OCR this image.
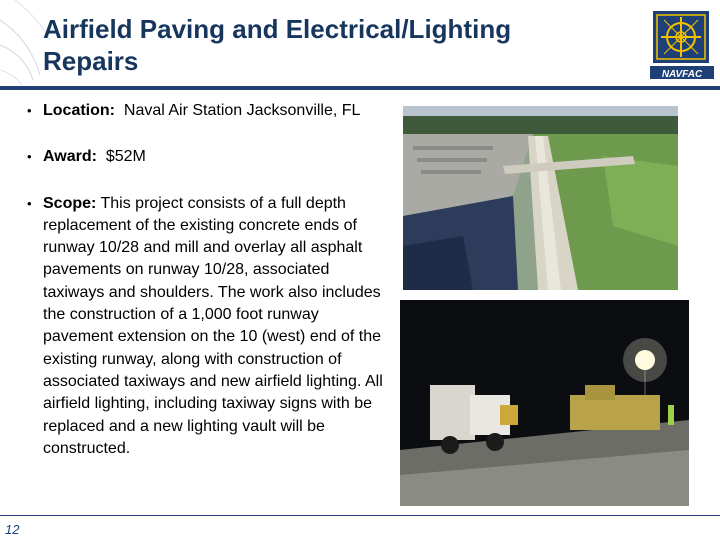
Airfield Paving and Electrical/Lighting
Repairs	NAVFAC
• Location: Naval Air Station Jacksonville, FL
• Award: $52M
• Scope: This project consists of a full depth replacement of the existing concrete ends of runway 10/28 and mill and overlay all asphalt pavements on runway 10/28, associated taxiways and shoulders. The work also includes the construction of a 1,000 foot runway pavement extension on the 10 (west) end of the existing runway, along with construction of associated taxiways and new airfield lighting. All airfield lighting, including taxiway signs with be replaced and a new lighting vault will be constructed.
12
